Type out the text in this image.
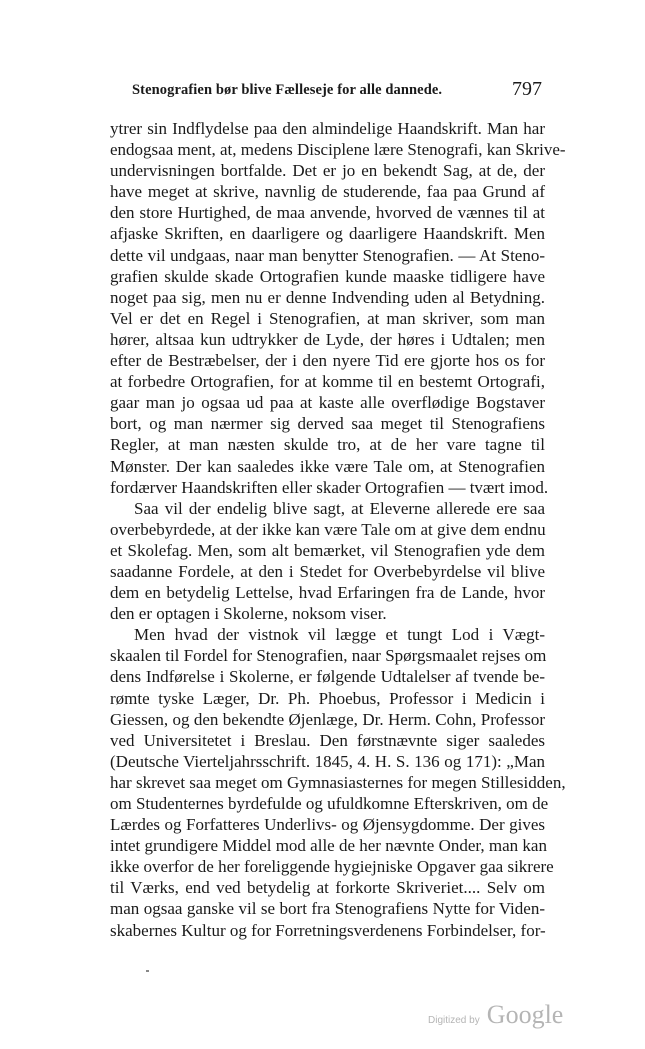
Stenografien bør blive Fælleseje for alle dannede.	797
ytrer sin Indflydelse paa den almindelige Haandskrift. Man har
endogsaa ment, at, medens Disciplene lære Stenografi, kan Skrive-
undervisningen bortfalde. Det er jo en bekendt Sag, at de, der
have meget at skrive, navnlig de studerende, faa paa Grund af
den store Hurtighed, de maa anvende, hvorved de vænnes til at
afjaske Skriften, en daarligere og daarligere Haandskrift. Men
dette vil undgaas, naar man benytter Stenografien. — At Steno-
grafien skulde skade Ortografien kunde maaske tidligere have
noget paa sig, men nu er denne Indvending uden al Betydning.
Vel er det en Regel i Stenografien, at man skriver, som man
hører, altsaa kun udtrykker de Lyde, der høres i Udtalen; men
efter de Bestræbelser, der i den nyere Tid ere gjorte hos os for
at forbedre Ortografien, for at komme til en bestemt Ortografi,
gaar man jo ogsaa ud paa at kaste alle overflødige Bogstaver
bort, og man nærmer sig derved saa meget til Stenografiens
Regler, at man næsten skulde tro, at de her vare tagne til
Mønster. Der kan saaledes ikke være Tale om, at Stenografien
fordærver Haandskriften eller skader Ortografien — tvært imod.
Saa vil der endelig blive sagt, at Eleverne allerede ere saa
overbebyrdede, at der ikke kan være Tale om at give dem endnu
et Skolefag. Men, som alt bemærket, vil Stenografien yde dem
saadanne Fordele, at den i Stedet for Overbebyrdelse vil blive
dem en betydelig Lettelse, hvad Erfaringen fra de Lande, hvor
den er optagen i Skolerne, noksom viser.
Men hvad der vistnok vil lægge et tungt Lod i Vægt-
skaalen til Fordel for Stenografien, naar Spørgsmaalet rejses om
dens Indførelse i Skolerne, er følgende Udtalelser af tvende be-
rømte tyske Læger, Dr. Ph. Phoebus, Professor i Medicin i
Giessen, og den bekendte Øjenlæge, Dr. Herm. Cohn, Professor
ved Universitetet i Breslau. Den førstnævnte siger saaledes
(Deutsche Vierteljahrsschrift. 1845, 4. H. S. 136 og 171): „Man
har skrevet saa meget om Gymnasiasternes for megen Stillesidden,
om Studenternes byrdefulde og ufuldkomne Efterskriven, om de
Lærdes og Forfatteres Underlivs- og Øjensygdomme. Der gives
intet grundigere Middel mod alle de her nævnte Onder, man kan
ikke overfor de her foreliggende hygiejniske Opgaver gaa sikrere
til Værks, end ved betydelig at forkorte Skriveriet.... Selv om
man ogsaa ganske vil se bort fra Stenografiens Nytte for Viden-
skabernes Kultur og for Forretningsverdenens Forbindelser, for-
Digitized by Google
